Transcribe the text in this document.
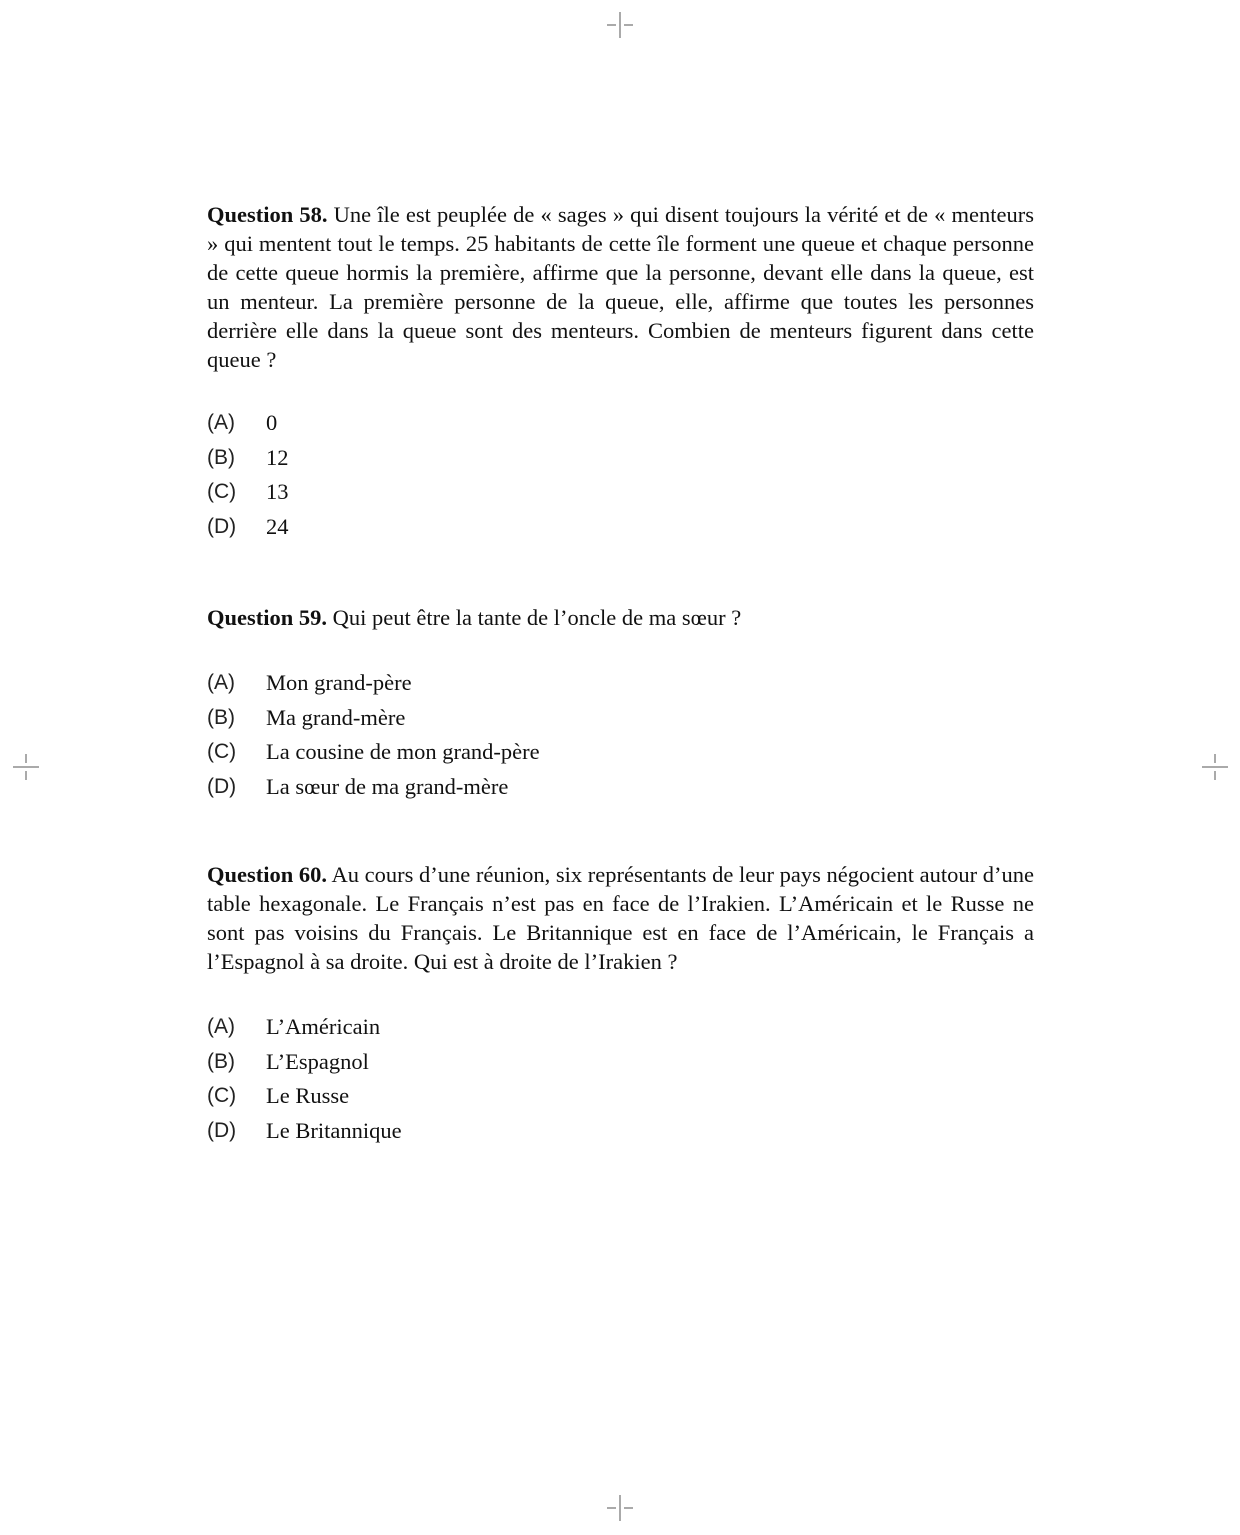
Question 58. Une île est peuplée de « sages » qui disent toujours la vérité et de « menteurs » qui mentent tout le temps. 25 habitants de cette île forment une queue et chaque personne de cette queue hormis la première, affirme que la personne, devant elle dans la queue, est un menteur. La première personne de la queue, elle, affirme que toutes les personnes derrière elle dans la queue sont des menteurs. Combien de menteurs figurent dans cette queue ?

(A)	0
(B)	12
(C)	13
(D)	24

Question 59. Qui peut être la tante de l’oncle de ma sœur ?

(A)	Mon grand-père
(B)	Ma grand-mère
(C)	La cousine de mon grand-père
(D)	La sœur de ma grand-mère

Question 60. Au cours d’une réunion, six représentants de leur pays négocient autour d’une table hexagonale. Le Français n’est pas en face de l’Irakien. L’Américain et le Russe ne sont pas voisins du Français. Le Britannique est en face de l’Américain, le Français a l’Espagnol à sa droite. Qui est à droite de l’Irakien ?

(A)	L’Américain
(B)	L’Espagnol
(C)	Le Russe
(D)	Le Britannique
